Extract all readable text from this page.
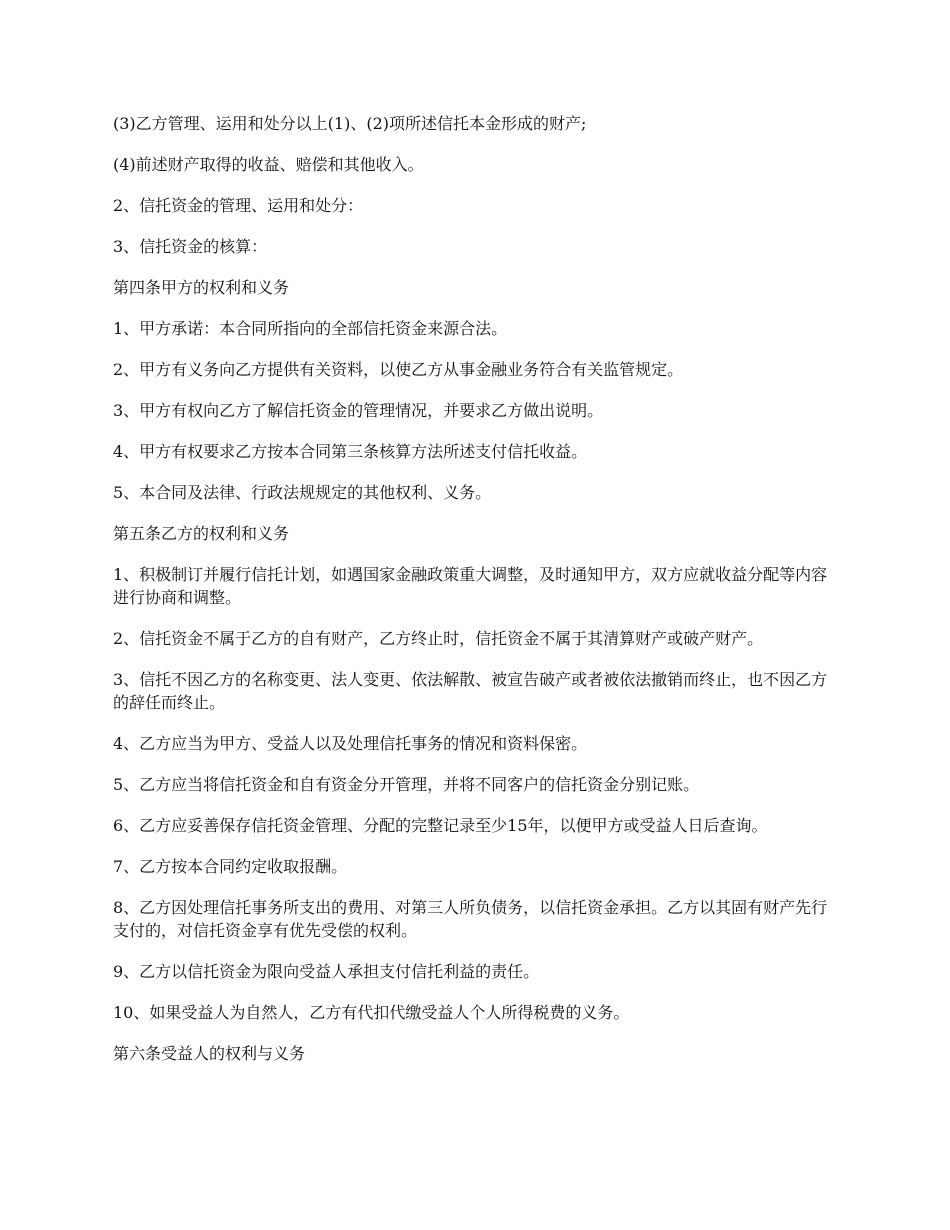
(3)乙方管理、运用和处分以上(1)、(2)项所述信托本金形成的财产;

(4)前述财产取得的收益、赔偿和其他收入。

2、信托资金的管理、运用和处分：

3、信托资金的核算：

第四条甲方的权利和义务

1、甲方承诺：本合同所指向的全部信托资金来源合法。

2、甲方有义务向乙方提供有关资料，以使乙方从事金融业务符合有关监管规定。

3、甲方有权向乙方了解信托资金的管理情况，并要求乙方做出说明。

4、甲方有权要求乙方按本合同第三条核算方法所述支付信托收益。

5、本合同及法律、行政法规规定的其他权利、义务。

第五条乙方的权利和义务

1、积极制订并履行信托计划，如遇国家金融政策重大调整，及时通知甲方，双方应就收益分配等内容进行协商和调整。

2、信托资金不属于乙方的自有财产，乙方终止时，信托资金不属于其清算财产或破产财产。

3、信托不因乙方的名称变更、法人变更、依法解散、被宣告破产或者被依法撤销而终止，也不因乙方的辞任而终止。

4、乙方应当为甲方、受益人以及处理信托事务的情况和资料保密。

5、乙方应当将信托资金和自有资金分开管理，并将不同客户的信托资金分别记账。

6、乙方应妥善保存信托资金管理、分配的完整记录至少15年，以便甲方或受益人日后查询。

7、乙方按本合同约定收取报酬。

8、乙方因处理信托事务所支出的费用、对第三人所负债务，以信托资金承担。乙方以其固有财产先行支付的，对信托资金享有优先受偿的权利。

9、乙方以信托资金为限向受益人承担支付信托利益的责任。

10、如果受益人为自然人，乙方有代扣代缴受益人个人所得税费的义务。

第六条受益人的权利与义务
